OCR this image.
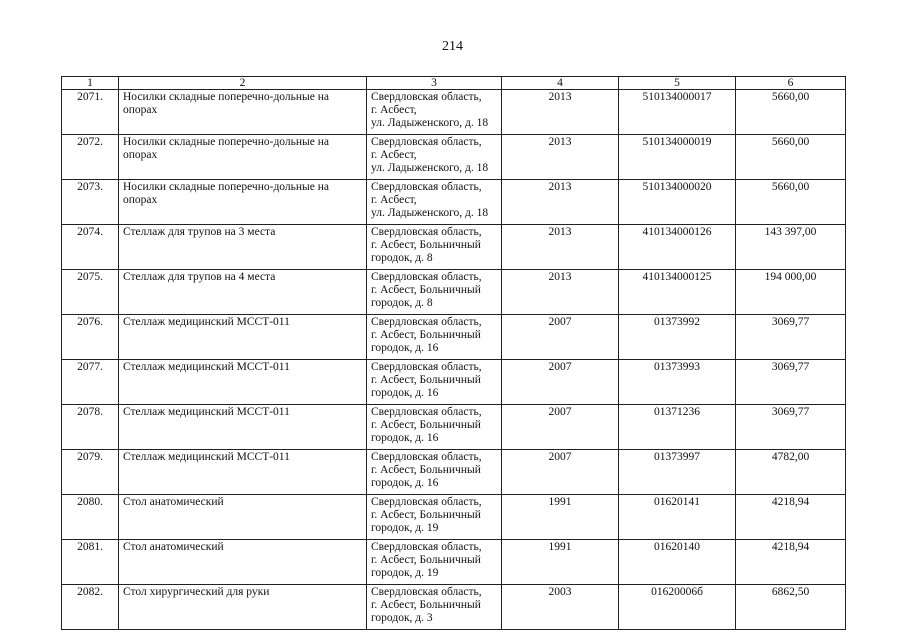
214
1	2	3	4	5	6
2071.	Носилки складные поперечно-дольные на опорах	Свердловская область,
г. Асбест,
ул. Ладыженского, д. 18	2013	510134000017	5660,00
2072.	Носилки складные поперечно-дольные на опорах	Свердловская область,
г. Асбест,
ул. Ладыженского, д. 18	2013	510134000019	5660,00
2073.	Носилки складные поперечно-дольные на опорах	Свердловская область,
г. Асбест,
ул. Ладыженского, д. 18	2013	510134000020	5660,00
2074.	Стеллаж для трупов на 3 места	Свердловская область,
г. Асбест, Больничный
городок, д. 8	2013	410134000126	143 397,00
2075.	Стеллаж для трупов на 4 места	Свердловская область,
г. Асбест, Больничный
городок, д. 8	2013	410134000125	194 000,00
2076.	Стеллаж медицинский МССТ-011	Свердловская область,
г. Асбест, Больничный
городок, д. 16	2007	01373992	3069,77
2077.	Стеллаж медицинский МССТ-011	Свердловская область,
г. Асбест, Больничный
городок, д. 16	2007	01373993	3069,77
2078.	Стеллаж медицинский МССТ-011	Свердловская область,
г. Асбест, Больничный
городок, д. 16	2007	01371236	3069,77
2079.	Стеллаж медицинский МССТ-011	Свердловская область,
г. Асбест, Больничный
городок, д. 16	2007	01373997	4782,00
2080.	Стол анатомический	Свердловская область,
г. Асбест, Больничный
городок, д. 19	1991	01620141	4218,94
2081.	Стол анатомический	Свердловская область,
г. Асбест, Больничный
городок, д. 19	1991	01620140	4218,94
2082.	Стол хирургический для руки	Свердловская область,
г. Асбест, Больничный
городок, д. 3	2003	01620006б	6862,50
